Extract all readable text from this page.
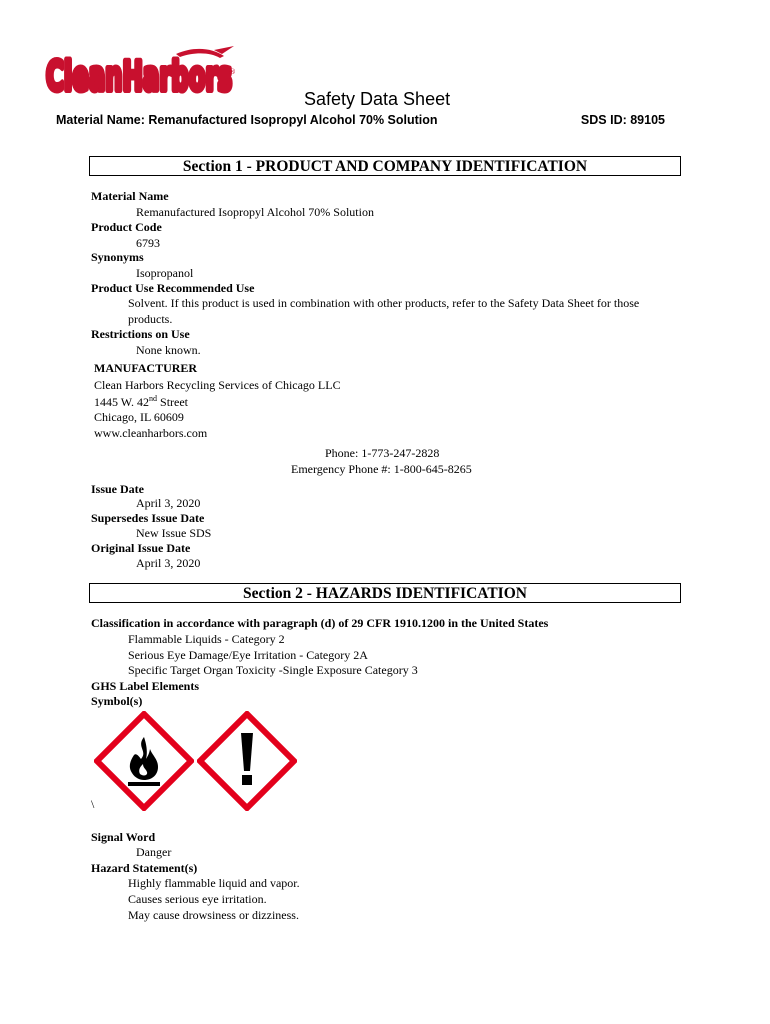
CleanHarbors
CleanHarbors
®
Safety Data Sheet
Material Name: Remanufactured Isopropyl Alcohol 70% Solution	SDS ID: 89105
Section 1 - PRODUCT AND COMPANY IDENTIFICATION
Material Name
Remanufactured Isopropyl Alcohol 70% Solution
Product Code
6793
Synonyms
Isopropanol
Product Use Recommended Use
Solvent. If this product is used in combination with other products, refer to the Safety Data Sheet for those
products.
Restrictions on Use
None known.
MANUFACTURER
Clean Harbors Recycling Services of Chicago LLC
1445 W. 42nd Street
Chicago, IL 60609
www.cleanharbors.com
Phone: 1-773-247-2828
Emergency Phone #: 1-800-645-8265
Issue Date
April 3, 2020
Supersedes Issue Date
New Issue SDS
Original Issue Date
April 3, 2020
Section 2 - HAZARDS IDENTIFICATION
Classification in accordance with paragraph (d) of 29 CFR 1910.1200 in the United States
Flammable Liquids - Category 2
Serious Eye Damage/Eye Irritation - Category 2A
Specific Target Organ Toxicity -Single Exposure Category 3
GHS Label Elements
Symbol(s)
\
Signal Word
Danger
Hazard Statement(s)
Highly flammable liquid and vapor.
Causes serious eye irritation.
May cause drowsiness or dizziness.
